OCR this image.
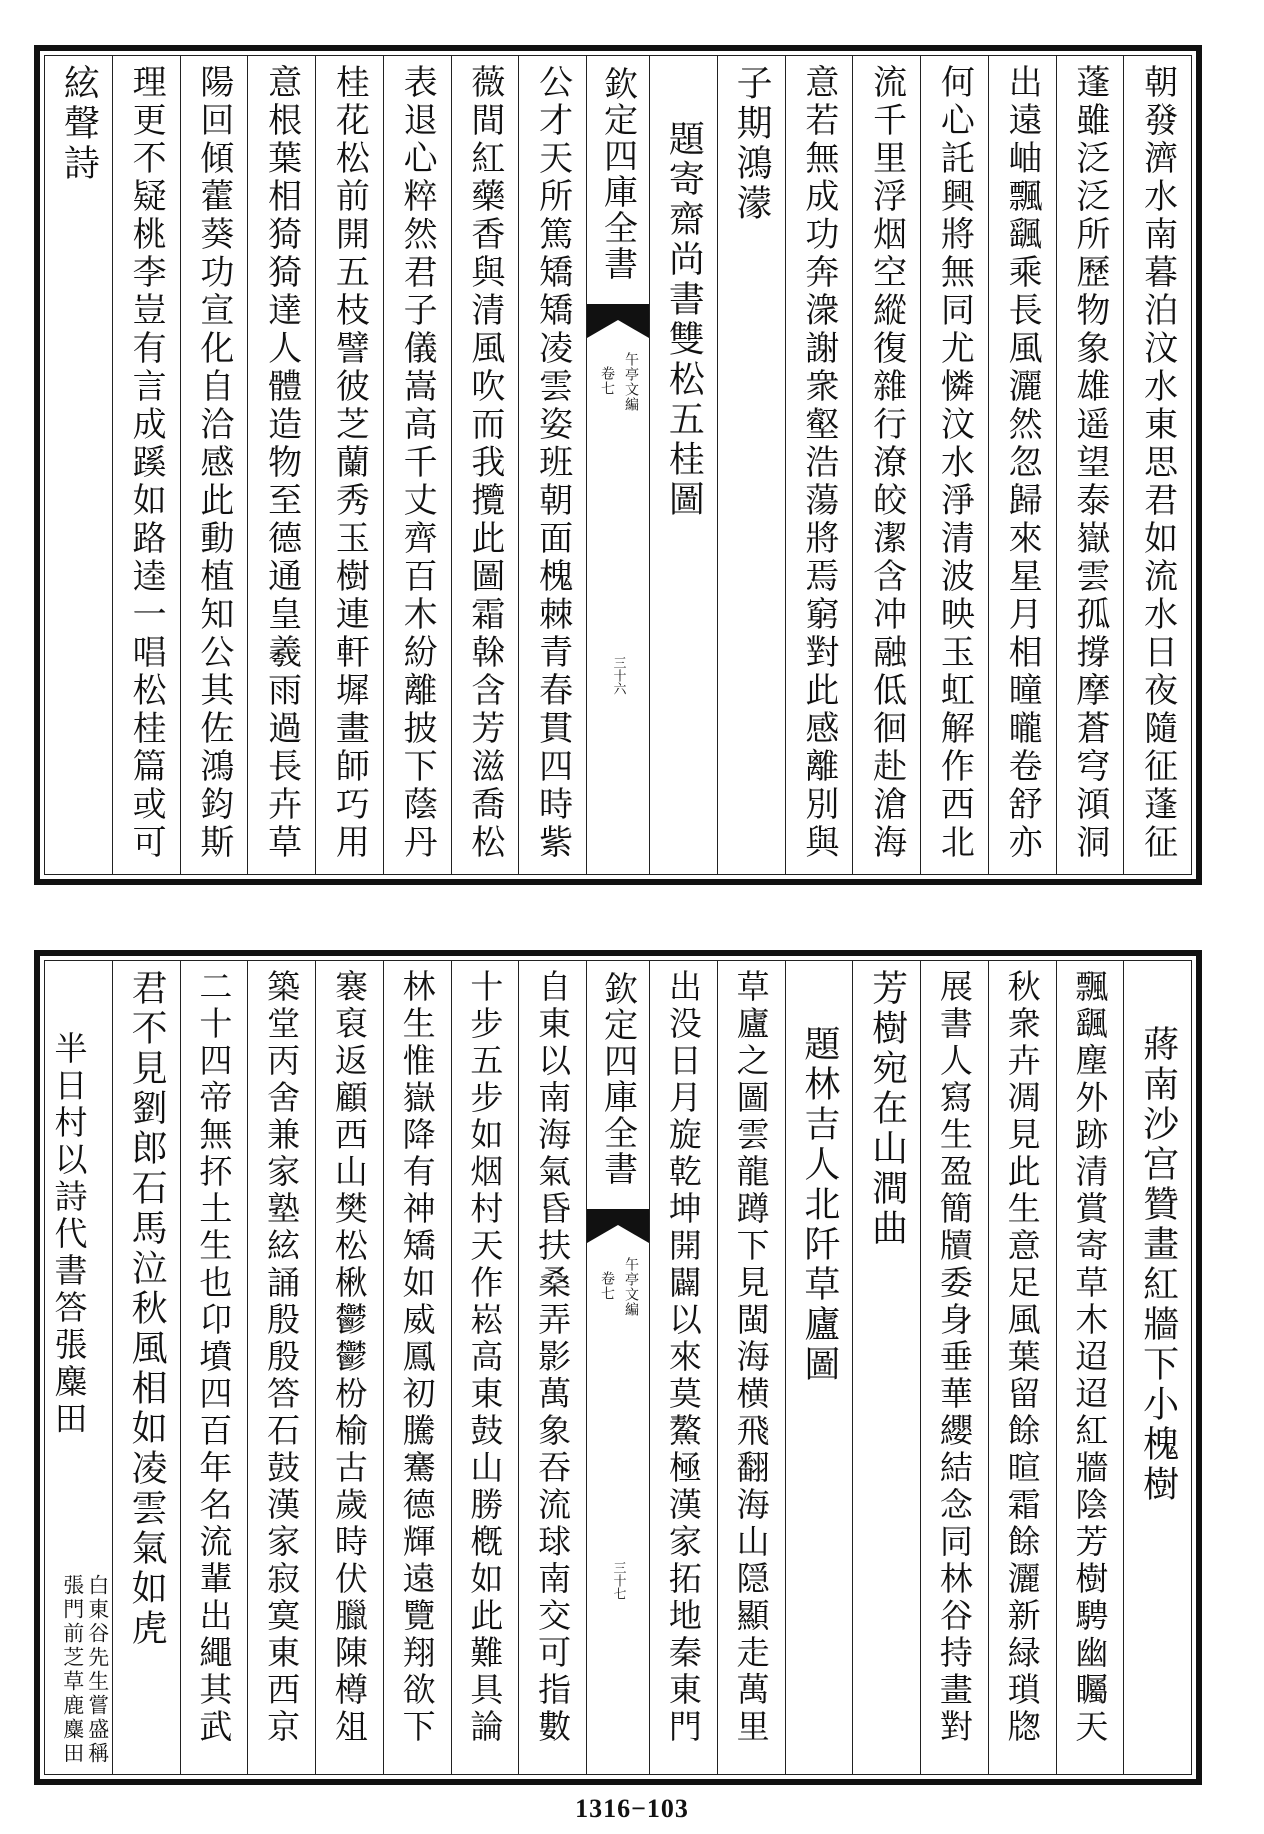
朝發濟水南暮泊汶水東思君如流水日夜隨征蓬征
蓬雖泛泛所歷物象雄遥望泰嶽雲孤撐摩蒼穹澒洞
出遠岫飄颻乘長風灑然忽歸來星月相曈曨卷舒亦
何心託興將無同尤憐汶水淨清波映玉虹解作西北
流千里浮烟空縱復雜行潦皎潔含冲融低徊赴滄海
意若無成功奔潨謝衆壑浩蕩將焉窮對此感離別與
子期鴻濛
題寄齋尚書雙松五桂圖
欽定四庫全書
午亭文編
卷七
三十六
公才天所篤矯矯凌雲姿班朝面槐棘青春貫四時紫
薇間紅藥香與清風吹而我攬此圖霜榦含芳滋喬松
表退心粹然君子儀嵩高千丈齊百木紛離披下蔭丹
桂花松前開五枝譬彼芝蘭秀玉樹連軒墀畫師巧用
意根葉相猗猗達人體造物至德通皇羲雨過長卉草
陽回傾藿葵功宣化自洽感此動植知公其佐鴻鈞斯
理更不疑桃李豈有言成蹊如路逵一唱松桂篇或可
絃聲詩
蔣南沙宫贊畫紅牆下小槐樹
飄颻塵外跡清賞寄草木迢迢紅牆陰芳樹騁幽矚天
秋衆卉凋見此生意足風葉留餘暄霜餘灑新緑瑣牎
展書人寫生盈簡牘委身垂華纓結念同林谷持畫對
芳樹宛在山澗曲
題林吉人北阡草廬圖
草廬之圖雲龍蹲下見閩海横飛翻海山隠顯走萬里
出没日月旋乾坤開闢以來莫鰲極漢家拓地秦東門
欽定四庫全書
午亭文編
卷七
三十七
自東以南海氣昏扶桑弄影萬象吞流球南交可指數
十步五步如烟村天作崧高東鼓山勝槪如此難具論
林生惟嶽降有神矯如威鳳初騰騫德輝遠覽翔欲下
褰裒返顧西山樊松楸鬱鬱枌榆古歲時伏臘陳樽俎
築堂丙舍兼家塾絃誦殷殷答石鼓漢家寂寞東西京
二十四帝無抔土生也卬墳四百年名流輩出繩其武
君不見劉郎石馬泣秋風相如凌雲氣如虎
半日村以詩代書答張麋田
白東谷先生嘗盛稱
張門前芝草鹿麋田
1316−103
